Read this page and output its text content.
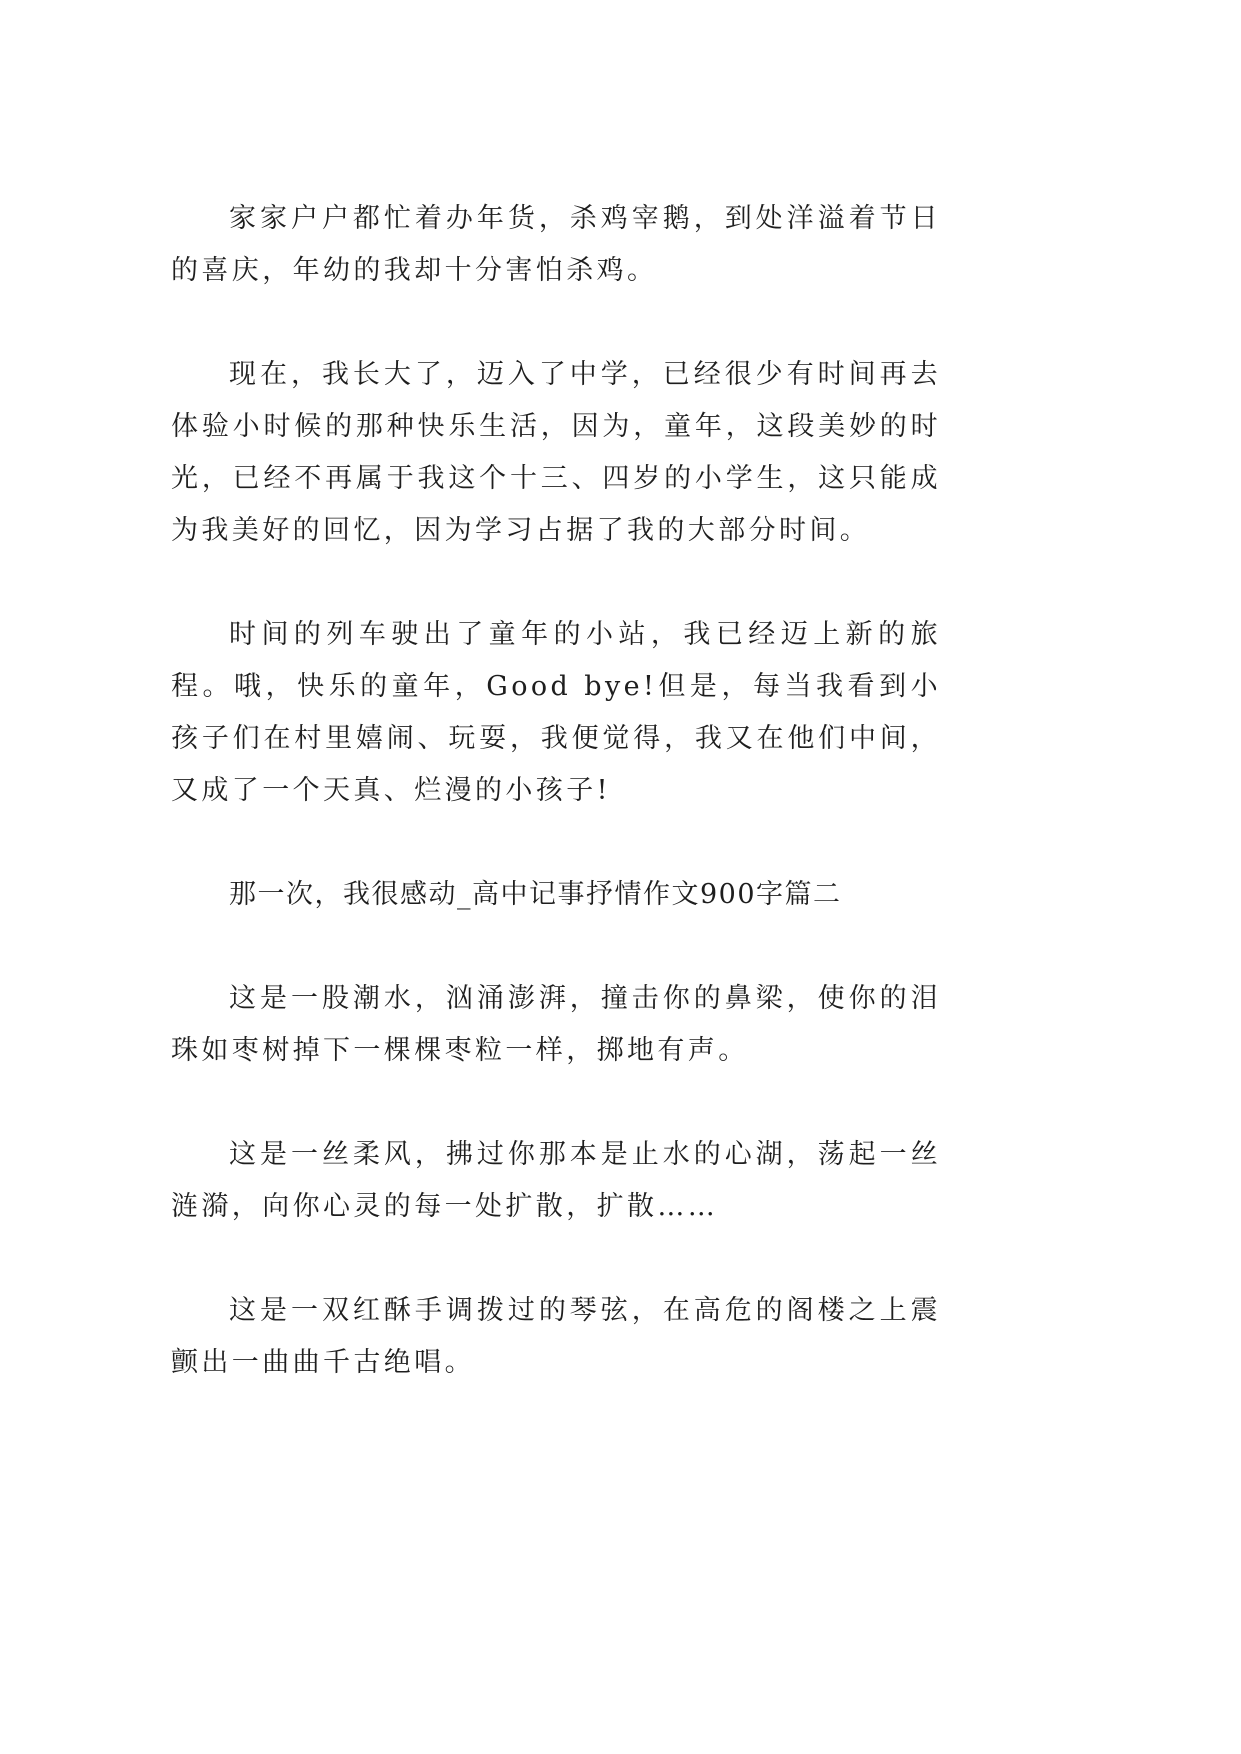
家家户户都忙着办年货，杀鸡宰鹅，到处洋溢着节日的喜庆，年幼的我却十分害怕杀鸡。

现在，我长大了，迈入了中学，已经很少有时间再去体验小时候的那种快乐生活，因为，童年，这段美妙的时光，已经不再属于我这个十三、四岁的小学生，这只能成为我美好的回忆，因为学习占据了我的大部分时间。

时间的列车驶出了童年的小站，我已经迈上新的旅程。哦，快乐的童年，Good bye!但是，每当我看到小孩子们在村里嬉闹、玩耍，我便觉得，我又在他们中间，又成了一个天真、烂漫的小孩子!

那一次，我很感动_高中记事抒情作文900字篇二

这是一股潮水，汹涌澎湃，撞击你的鼻梁，使你的泪珠如枣树掉下一棵棵枣粒一样，掷地有声。

这是一丝柔风，拂过你那本是止水的心湖，荡起一丝涟漪，向你心灵的每一处扩散，扩散……

这是一双红酥手调拨过的琴弦，在高危的阁楼之上震颤出一曲曲千古绝唱。
